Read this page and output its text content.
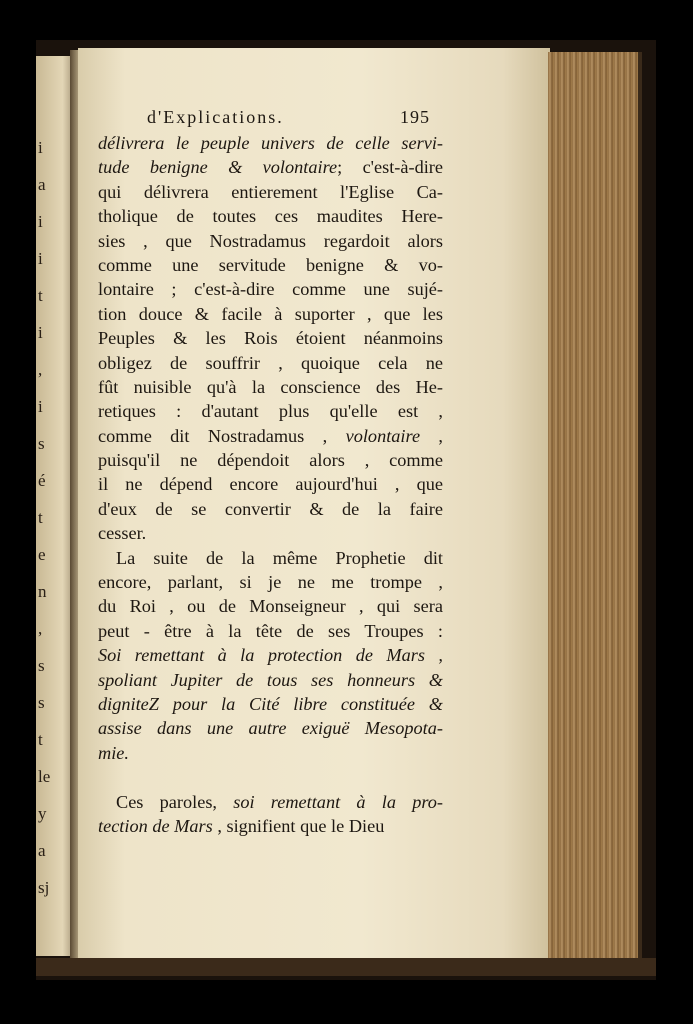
i
a
i
i
t
i
,
i
s
é
t
e
n
,
s
s
t
le
y
a
sj
d'Explications.	195
délivrera le peuple univers de celle servi-
tude benigne & volontaire; c'est-à-dire
qui délivrera entierement l'Eglise Ca-
tholique de toutes ces maudites Here-
sies , que Nostradamus regardoit alors
comme une servitude benigne & vo-
lontaire ; c'est-à-dire comme une sujé-
tion douce & facile à suporter , que les
Peuples & les Rois étoient néanmoins
obligez de souffrir , quoique cela ne
fût nuisible qu'à la conscience des He-
retiques : d'autant plus qu'elle est ,
comme dit Nostradamus , volontaire ,
puisqu'il ne dépendoit alors , comme
il ne dépend encore aujourd'hui , que
d'eux de se convertir & de la faire
cesser.
La suite de la même Prophetie dit
encore, parlant, si je ne me trompe ,
du Roi , ou de Monseigneur , qui sera
peut - être à la tête de ses Troupes :
Soi remettant à la protection de Mars ,
spoliant Jupiter de tous ses honneurs &
digniteZ pour la Cité libre constituée &
assise dans une autre exiguë Mesopota-
mie.
Ces paroles, soi remettant à la pro-
tection de Mars , signifient que le Dieu
